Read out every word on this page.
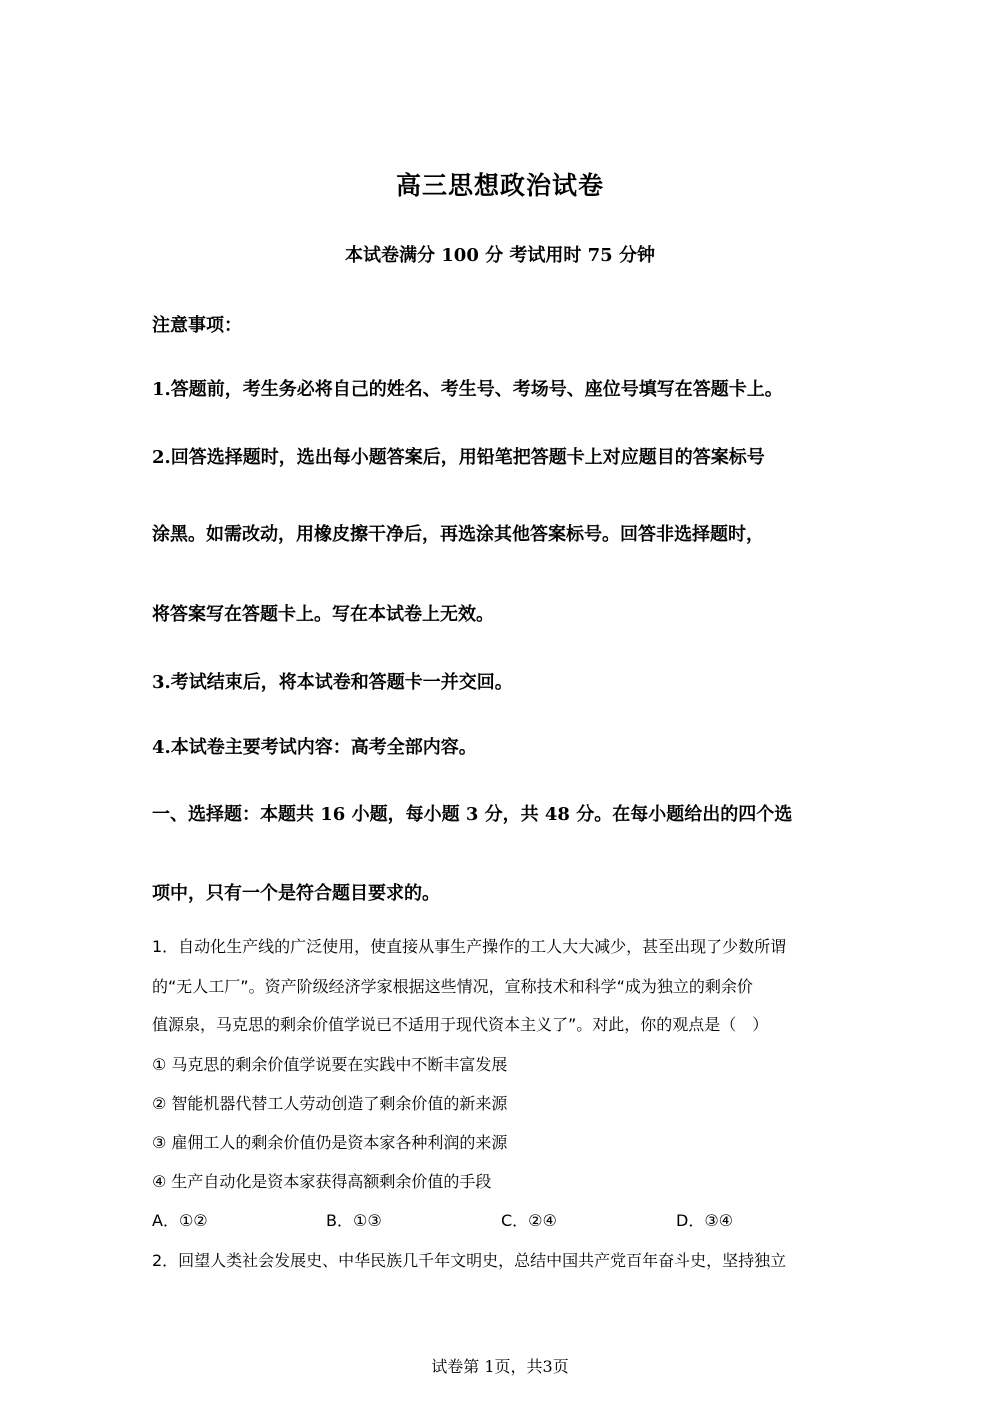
高三思想政治试卷
本试卷满分 100 分 考试用时 75 分钟
注意事项：
1.答题前，考生务必将自己的姓名、考生号、考场号、座位号填写在答题卡上。
2.回答选择题时，选出每小题答案后，用铅笔把答题卡上对应题目的答案标号
涂黑。如需改动，用橡皮擦干净后，再选涂其他答案标号。回答非选择题时，
将答案写在答题卡上。写在本试卷上无效。
3.考试结束后，将本试卷和答题卡一并交回。
4.本试卷主要考试内容：高考全部内容。
一、选择题：本题共 16 小题，每小题 3 分，共 48 分。在每小题给出的四个选
项中，只有一个是符合题目要求的。
1．自动化生产线的广泛使用，使直接从事生产操作的工人大大减少，甚至出现了少数所谓
的“无人工厂”。资产阶级经济学家根据这些情况，宣称技术和科学“成为独立的剩余价
值源泉，马克思的剩余价值学说已不适用于现代资本主义了”。对此，你的观点是（　）
① 马克思的剩余价值学说要在实践中不断丰富发展
② 智能机器代替工人劳动创造了剩余价值的新来源
③ 雇佣工人的剩余价值仍是资本家各种利润的来源
④ 生产自动化是资本家获得高额剩余价值的手段
A．①②	B．①③	C．②④	D．③④
2．回望人类社会发展史、中华民族几千年文明史，总结中国共产党百年奋斗史，坚持独立
试卷第 1页，共3页
